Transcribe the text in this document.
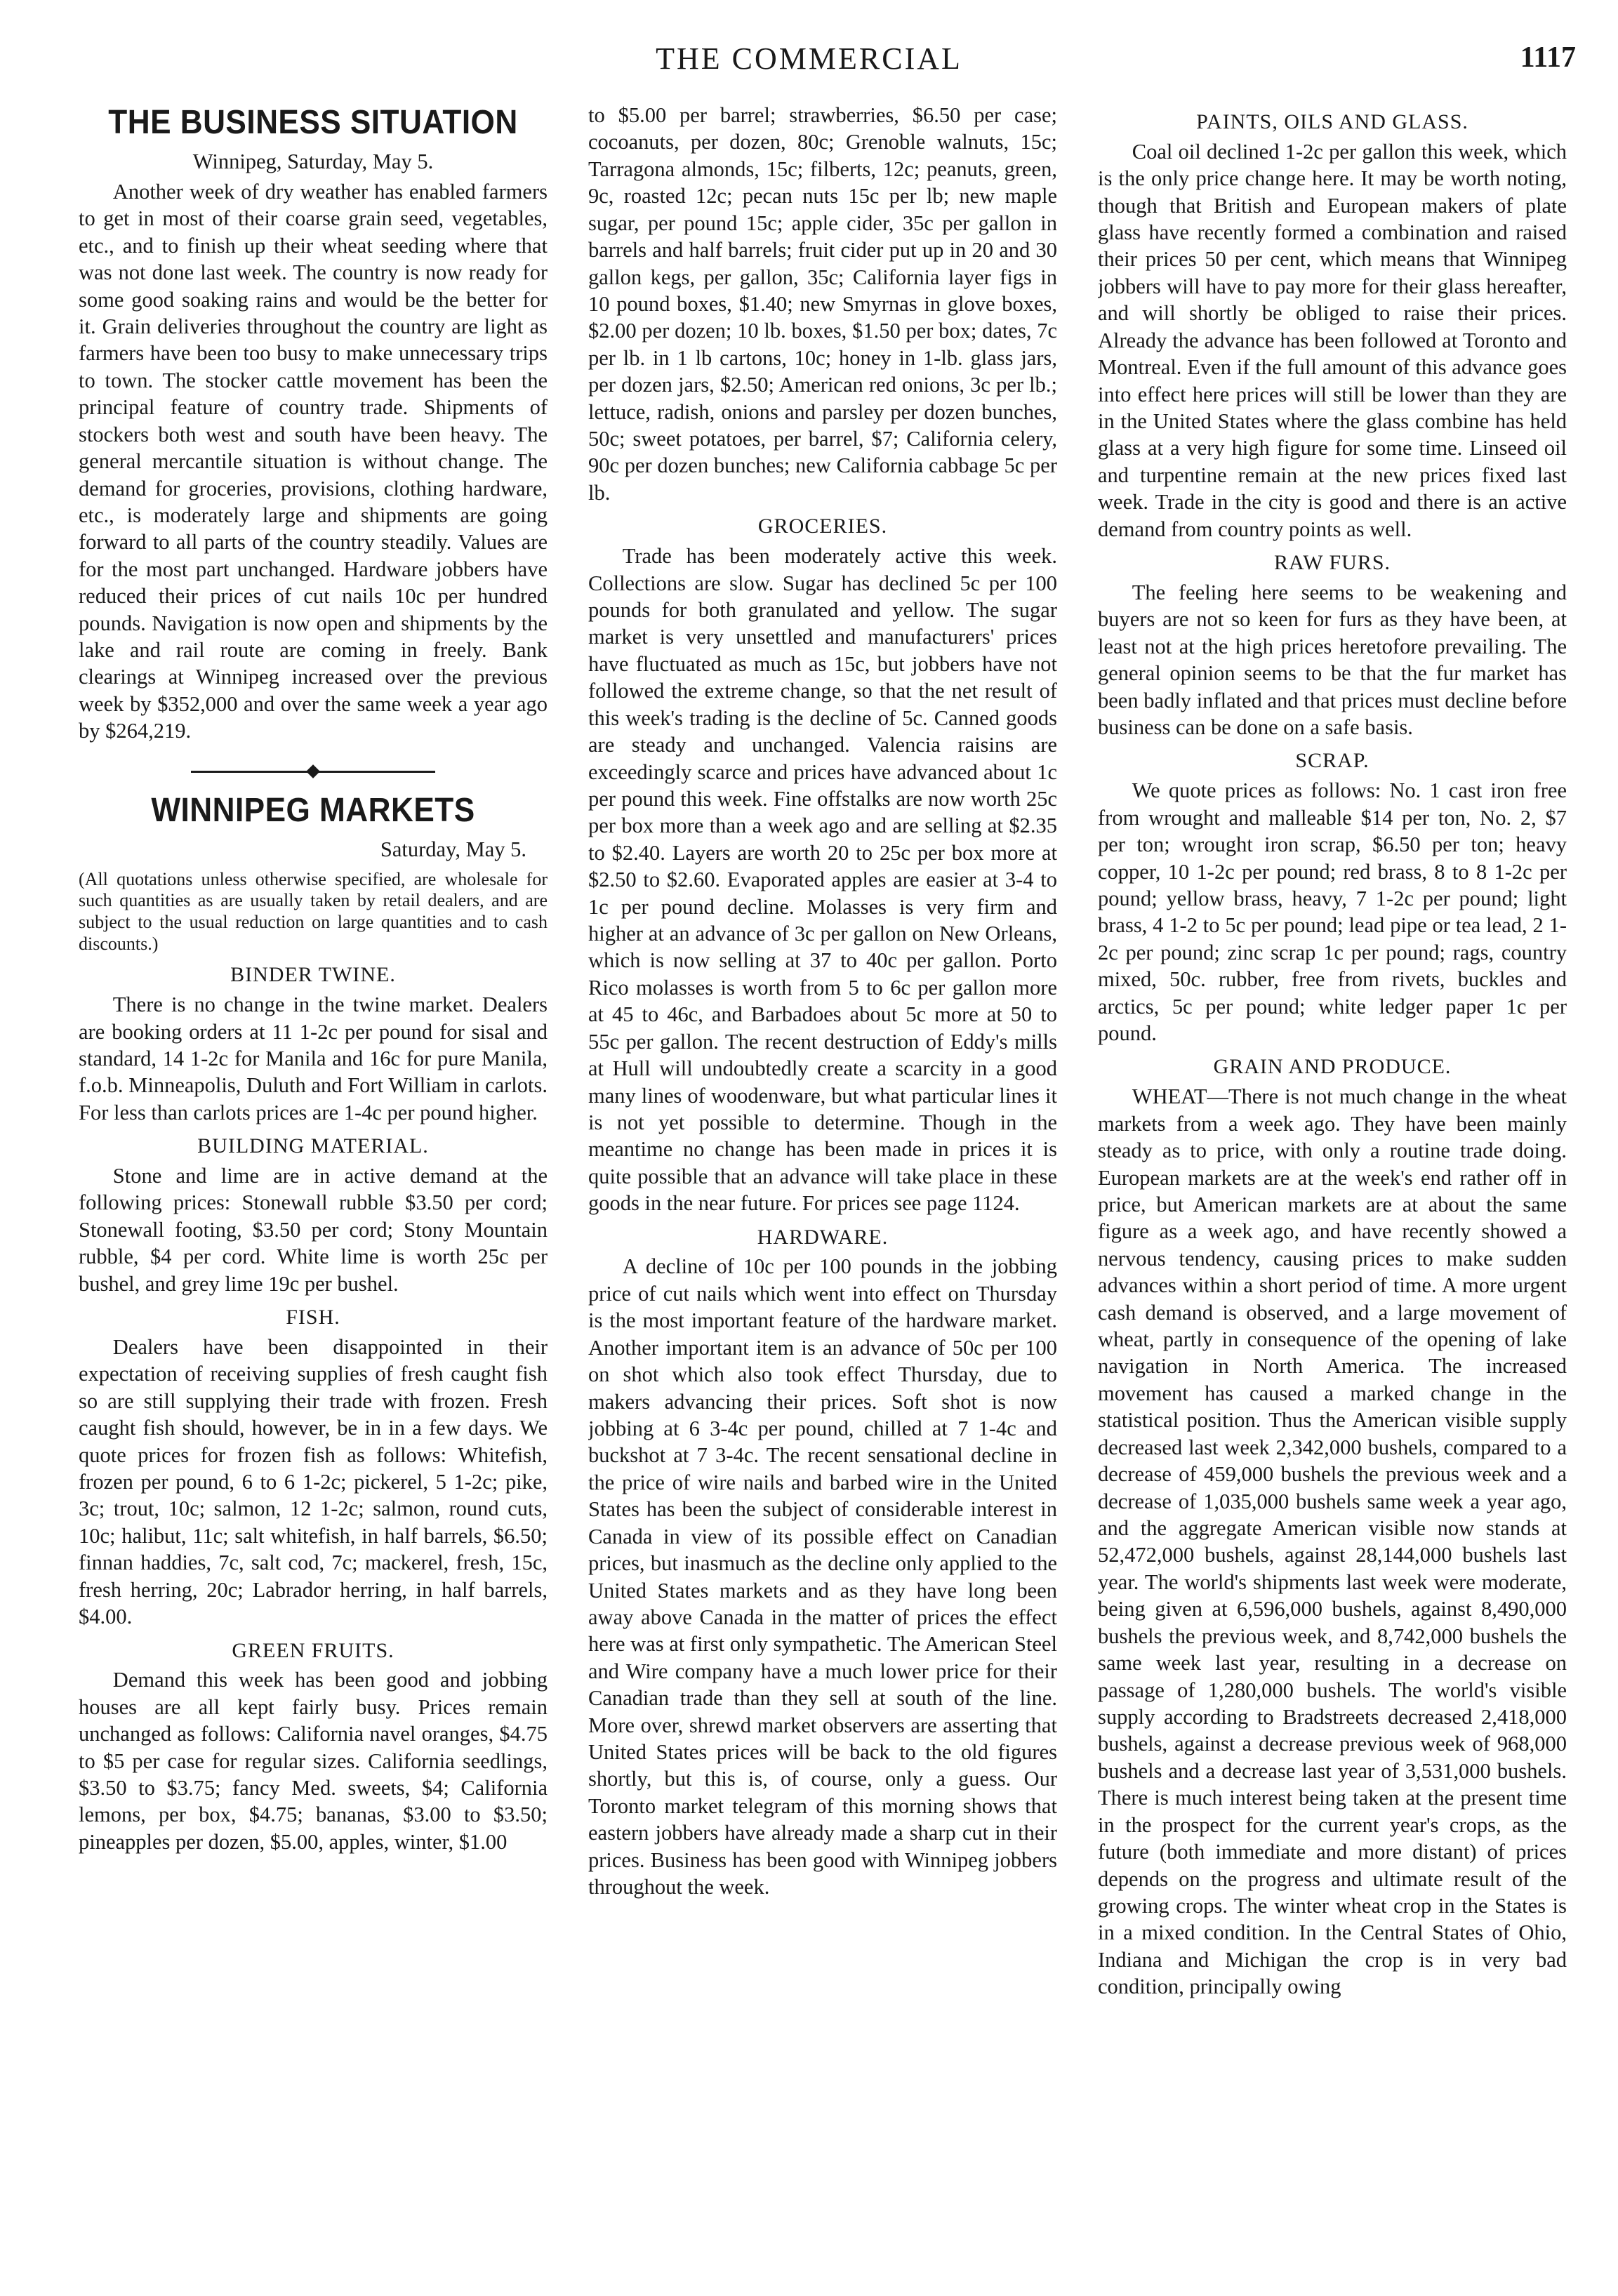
THE COMMERCIAL	1117
THE BUSINESS SITUATION
Winnipeg, Saturday, May 5.

Another week of dry weather has enabled farmers to get in most of their coarse grain seed, vegetables, etc., and to finish up their wheat seeding where that was not done last week. The country is now ready for some good soaking rains and would be the better for it. Grain deliveries throughout the country are light as farmers have been too busy to make unnecessary trips to town. The stocker cattle movement has been the principal feature of country trade. Shipments of stockers both west and south have been heavy. The general mercantile situation is without change. The demand for groceries, provisions, clothing hardware, etc., is moderately large and shipments are going forward to all parts of the country steadily. Values are for the most part unchanged. Hardware jobbers have reduced their prices of cut nails 10c per hundred pounds. Navigation is now open and shipments by the lake and rail route are coming in freely. Bank clearings at Winnipeg increased over the previous week by $352,000 and over the same week a year ago by $264,219.

WINNIPEG MARKETS
Saturday, May 5.

(All quotations unless otherwise specified, are wholesale for such quantities as are usually taken by retail dealers, and are subject to the usual reduction on large quantities and to cash discounts.)

BINDER TWINE.

There is no change in the twine market. Dealers are booking orders at 11 1-2c per pound for sisal and standard, 14 1-2c for Manila and 16c for pure Manila, f.o.b. Minneapolis, Duluth and Fort William in carlots. For less than carlots prices are 1-4c per pound higher.

BUILDING MATERIAL.

Stone and lime are in active demand at the following prices: Stonewall rubble $3.50 per cord; Stonewall footing, $3.50 per cord; Stony Mountain rubble, $4 per cord. White lime is worth 25c per bushel, and grey lime 19c per bushel.

FISH.

Dealers have been disappointed in their expectation of receiving supplies of fresh caught fish so are still supplying their trade with frozen. Fresh caught fish should, however, be in in a few days. We quote prices for frozen fish as follows: Whitefish, frozen per pound, 6 to 6 1-2c; pickerel, 5 1-2c; pike, 3c; trout, 10c; salmon, 12 1-2c; salmon, round cuts, 10c; halibut, 11c; salt whitefish, in half barrels, $6.50; finnan haddies, 7c, salt cod, 7c; mackerel, fresh, 15c, fresh herring, 20c; Labrador herring, in half barrels, $4.00.

GREEN FRUITS.

Demand this week has been good and jobbing houses are all kept fairly busy. Prices remain unchanged as follows: California navel oranges, $4.75 to $5 per case for regular sizes. California seedlings, $3.50 to $3.75; fancy Med. sweets, $4; California lemons, per box, $4.75; bananas, $3.00 to $3.50; pineapples per dozen, $5.00, apples, winter, $1.00

to $5.00 per barrel; strawberries, $6.50 per case; cocoanuts, per dozen, 80c; Grenoble walnuts, 15c; Tarragona almonds, 15c; filberts, 12c; peanuts, green, 9c, roasted 12c; pecan nuts 15c per lb; new maple sugar, per pound 15c; apple cider, 35c per gallon in barrels and half barrels; fruit cider put up in 20 and 30 gallon kegs, per gallon, 35c; California layer figs in 10 pound boxes, $1.40; new Smyrnas in glove boxes, $2.00 per dozen; 10 lb. boxes, $1.50 per box; dates, 7c per lb. in 1 lb cartons, 10c; honey in 1-lb. glass jars, per dozen jars, $2.50; American red onions, 3c per lb.; lettuce, radish, onions and parsley per dozen bunches, 50c; sweet potatoes, per barrel, $7; California celery, 90c per dozen bunches; new California cabbage 5c per lb.

GROCERIES.

Trade has been moderately active this week. Collections are slow. Sugar has declined 5c per 100 pounds for both granulated and yellow. The sugar market is very unsettled and manufacturers' prices have fluctuated as much as 15c, but jobbers have not followed the extreme change, so that the net result of this week's trading is the decline of 5c. Canned goods are steady and unchanged. Valencia raisins are exceedingly scarce and prices have advanced about 1c per pound this week. Fine offstalks are now worth 25c per box more than a week ago and are selling at $2.35 to $2.40. Layers are worth 20 to 25c per box more at $2.50 to $2.60. Evaporated apples are easier at 3-4 to 1c per pound decline. Molasses is very firm and higher at an advance of 3c per gallon on New Orleans, which is now selling at 37 to 40c per gallon. Porto Rico molasses is worth from 5 to 6c per gallon more at 45 to 46c, and Barbadoes about 5c more at 50 to 55c per gallon. The recent destruction of Eddy's mills at Hull will undoubtedly create a scarcity in a good many lines of woodenware, but what particular lines it is not yet possible to determine. Though in the meantime no change has been made in prices it is quite possible that an advance will take place in these goods in the near future. For prices see page 1124.

HARDWARE.

A decline of 10c per 100 pounds in the jobbing price of cut nails which went into effect on Thursday is the most important feature of the hardware market. Another important item is an advance of 50c per 100 on shot which also took effect Thursday, due to makers advancing their prices. Soft shot is now jobbing at 6 3-4c per pound, chilled at 7 1-4c and buckshot at 7 3-4c. The recent sensational decline in the price of wire nails and barbed wire in the United States has been the subject of considerable interest in Canada in view of its possible effect on Canadian prices, but inasmuch as the decline only applied to the United States markets and as they have long been away above Canada in the matter of prices the effect here was at first only sympathetic. The American Steel and Wire company have a much lower price for their Canadian trade than they sell at south of the line. More over, shrewd market observers are asserting that United States prices will be back to the old figures shortly, but this is, of course, only a guess. Our Toronto market telegram of this morning shows that eastern jobbers have already made a sharp cut in their prices. Business has been good with Winnipeg jobbers throughout the week.

PAINTS, OILS AND GLASS.

Coal oil declined 1-2c per gallon this week, which is the only price change here. It may be worth noting, though that British and European makers of plate glass have recently formed a combination and raised their prices 50 per cent, which means that Winnipeg jobbers will have to pay more for their glass hereafter, and will shortly be obliged to raise their prices. Already the advance has been followed at Toronto and Montreal. Even if the full amount of this advance goes into effect here prices will still be lower than they are in the United States where the glass combine has held glass at a very high figure for some time. Linseed oil and turpentine remain at the new prices fixed last week. Trade in the city is good and there is an active demand from country points as well.

RAW FURS.

The feeling here seems to be weakening and buyers are not so keen for furs as they have been, at least not at the high prices heretofore prevailing. The general opinion seems to be that the fur market has been badly inflated and that prices must decline before business can be done on a safe basis.

SCRAP.

We quote prices as follows: No. 1 cast iron free from wrought and malleable $14 per ton, No. 2, $7 per ton; wrought iron scrap, $6.50 per ton; heavy copper, 10 1-2c per pound; red brass, 8 to 8 1-2c per pound; yellow brass, heavy, 7 1-2c per pound; light brass, 4 1-2 to 5c per pound; lead pipe or tea lead, 2 1-2c per pound; zinc scrap 1c per pound; rags, country mixed, 50c. rubber, free from rivets, buckles and arctics, 5c per pound; white ledger paper 1c per pound.

GRAIN AND PRODUCE.

WHEAT—There is not much change in the wheat markets from a week ago. They have been mainly steady as to price, with only a routine trade doing. European markets are at the week's end rather off in price, but American markets are at about the same figure as a week ago, and have recently showed a nervous tendency, causing prices to make sudden advances within a short period of time. A more urgent cash demand is observed, and a large movement of wheat, partly in consequence of the opening of lake navigation in North America. The increased movement has caused a marked change in the statistical position. Thus the American visible supply decreased last week 2,342,000 bushels, compared to a decrease of 459,000 bushels the previous week and a decrease of 1,035,000 bushels same week a year ago, and the aggregate American visible now stands at 52,472,000 bushels, against 28,144,000 bushels last year. The world's shipments last week were moderate, being given at 6,596,000 bushels, against 8,490,000 bushels the previous week, and 8,742,000 bushels the same week last year, resulting in a decrease on passage of 1,280,000 bushels. The world's visible supply according to Bradstreets decreased 2,418,000 bushels, against a decrease previous week of 968,000 bushels and a decrease last year of 3,531,000 bushels. There is much interest being taken at the present time in the prospect for the current year's crops, as the future (both immediate and more distant) of prices depends on the progress and ultimate result of the growing crops. The winter wheat crop in the States is in a mixed condition. In the Central States of Ohio, Indiana and Michigan the crop is in very bad condition, principally owing
